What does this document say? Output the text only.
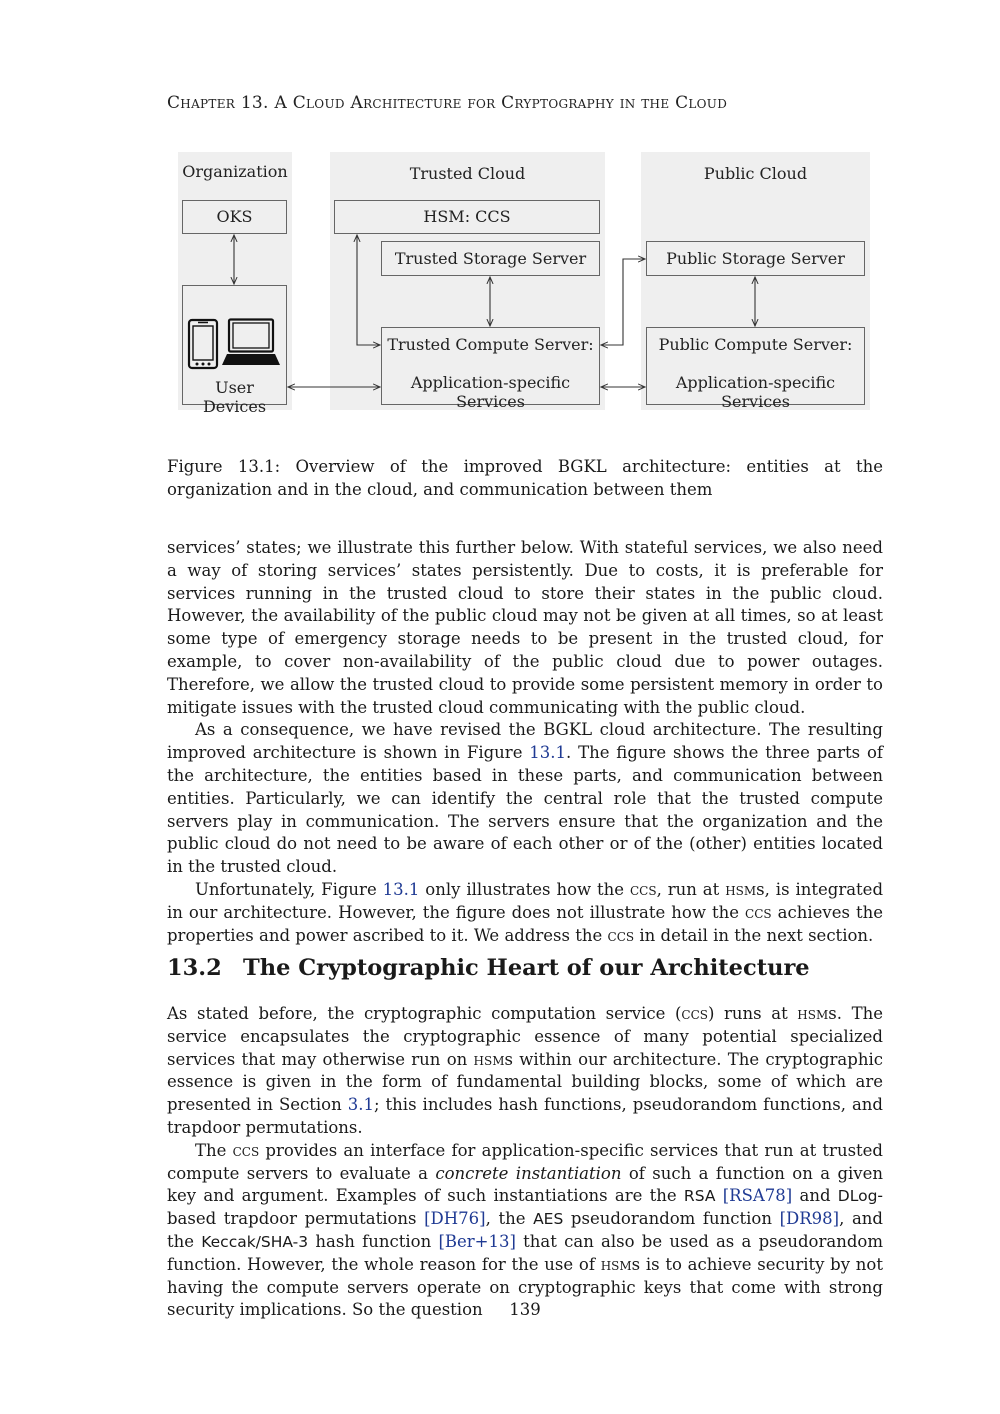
Chapter 13. A Cloud Architecture for Cryptography in the Cloud
Organization	Trusted Cloud	Public Cloud
OKS
User Devices
HSM: CCS
Trusted Storage Server
Trusted Compute Server:
Application-specific Services
Public Storage Server
Public Compute Server:
Application-specific Services
Figure 13.1: Overview of the improved BGKL architecture: entities at the organization and in the cloud, and communication between them

services’ states; we illustrate this further below. With stateful services, we also need a way of storing services’ states persistently. Due to costs, it is preferable for services running in the trusted cloud to store their states in the public cloud. However, the availability of the public cloud may not be given at all times, so at least some type of emergency storage needs to be present in the trusted cloud, for example, to cover non-availability of the public cloud due to power outages. Therefore, we allow the trusted cloud to provide some persistent memory in order to mitigate issues with the trusted cloud communicating with the public cloud.

As a consequence, we have revised the BGKL cloud architecture. The resulting improved architecture is shown in Figure 13.1. The figure shows the three parts of the architecture, the entities based in these parts, and communication between entities. Particularly, we can identify the central role that the trusted compute servers play in communication. The servers ensure that the organization and the public cloud do not need to be aware of each other or of the (other) entities located in the trusted cloud.

Unfortunately, Figure 13.1 only illustrates how the ccs, run at hsms, is integrated in our architecture. However, the figure does not illustrate how the ccs achieves the properties and power ascribed to it. We address the ccs in detail in the next section.

13.2 The Cryptographic Heart of our Architecture

As stated before, the cryptographic computation service (ccs) runs at hsms. The service encapsulates the cryptographic essence of many potential specialized services that may otherwise run on hsms within our architecture. The cryptographic essence is given in the form of fundamental building blocks, some of which are presented in Section 3.1; this includes hash functions, pseudorandom functions, and trapdoor permutations.

The ccs provides an interface for application-specific services that run at trusted compute servers to evaluate a concrete instantiation of such a function on a given key and argument. Examples of such instantiations are the RSA [RSA78] and DLog-based trapdoor permutations [DH76], the AES pseudorandom function [DR98], and the Keccak/SHA-3 hash function [Ber+13] that can also be used as a pseudorandom function. However, the whole reason for the use of hsms is to achieve security by not having the compute servers operate on cryptographic keys that come with strong security implications. So the question	139
